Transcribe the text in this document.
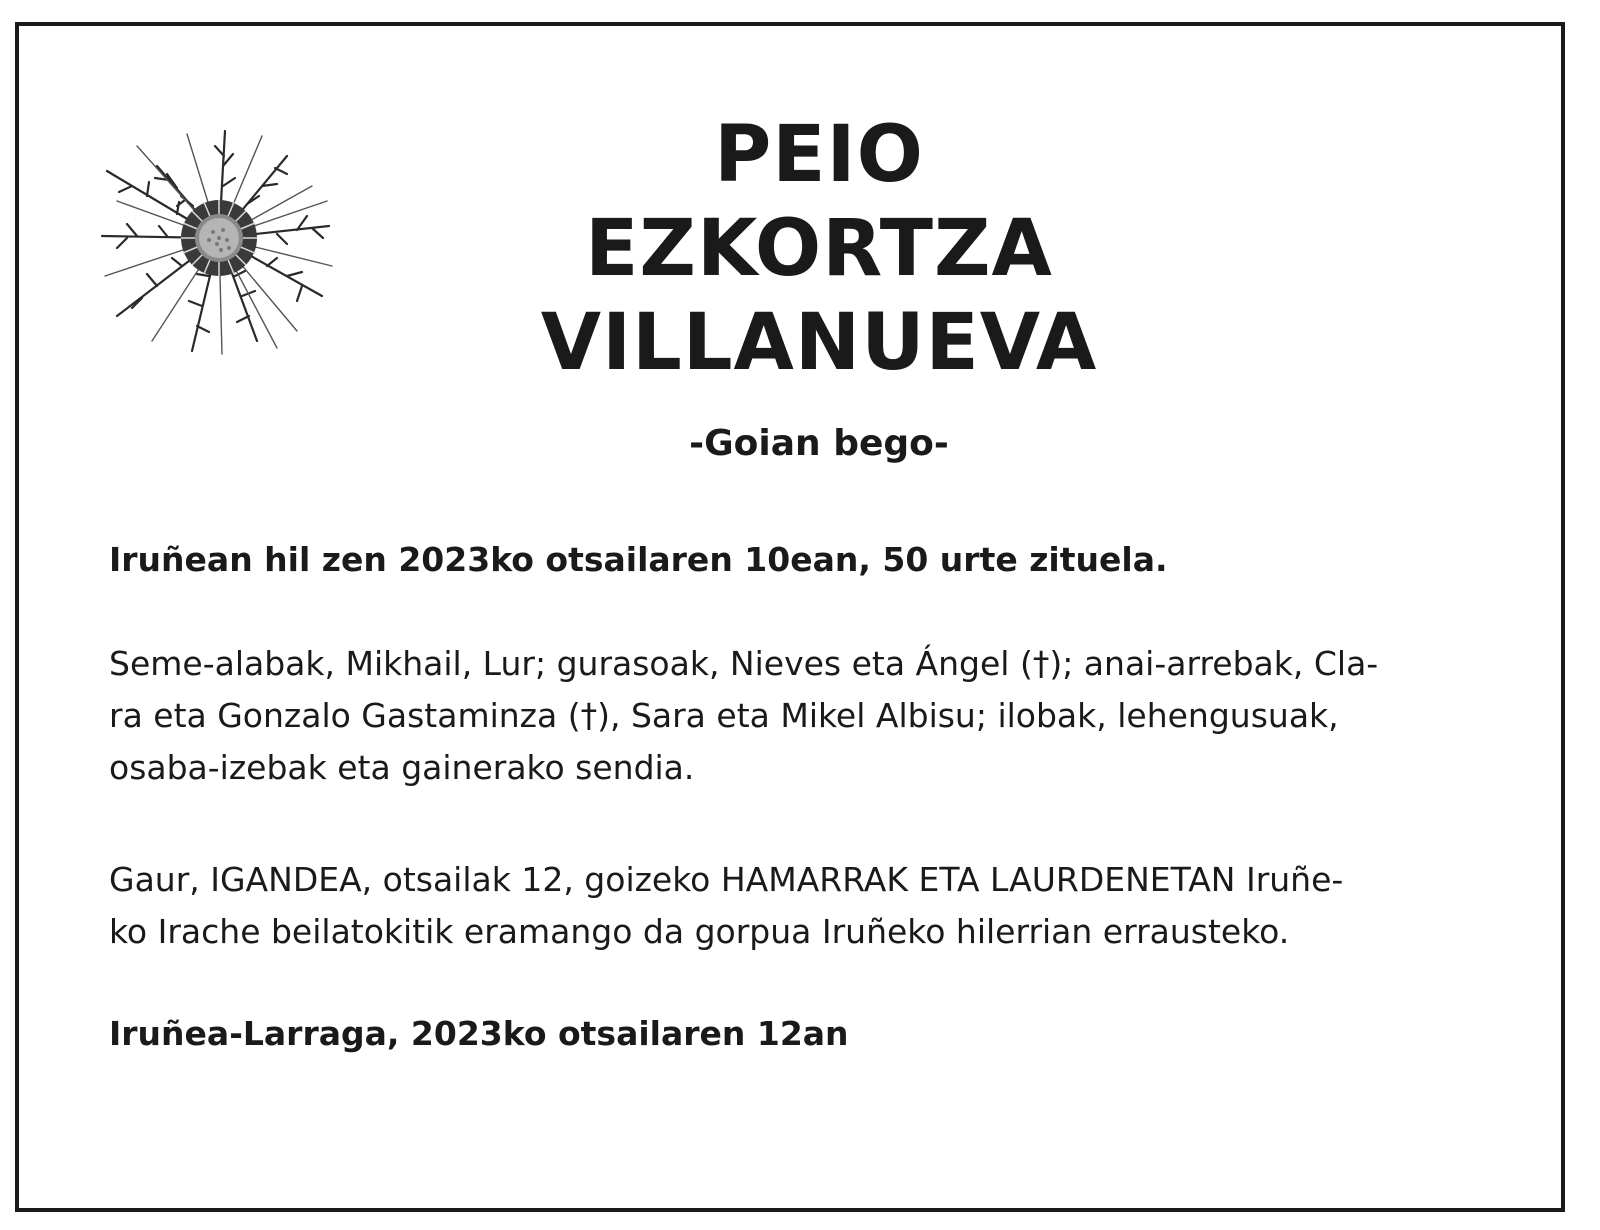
PEIO
EZKORTZA
VILLANUEVA
-Goian bego-

Iruñean hil zen 2023ko otsailaren 10ean, 50 urte zituela.

Seme-alabak, Mikhail, Lur; gurasoak, Nieves eta Ángel (†); anai-arrebak, Cla-
ra eta Gonzalo Gastaminza (†), Sara eta Mikel Albisu; ilobak, lehengusuak,
osaba-izebak eta gainerako sendia.

Gaur, IGANDEA, otsailak 12, goizeko HAMARRAK ETA LAURDENETAN Iruñe-
ko Irache beilatokitik eramango da gorpua Iruñeko hilerrian errausteko.

Iruñea-Larraga, 2023ko otsailaren 12an
